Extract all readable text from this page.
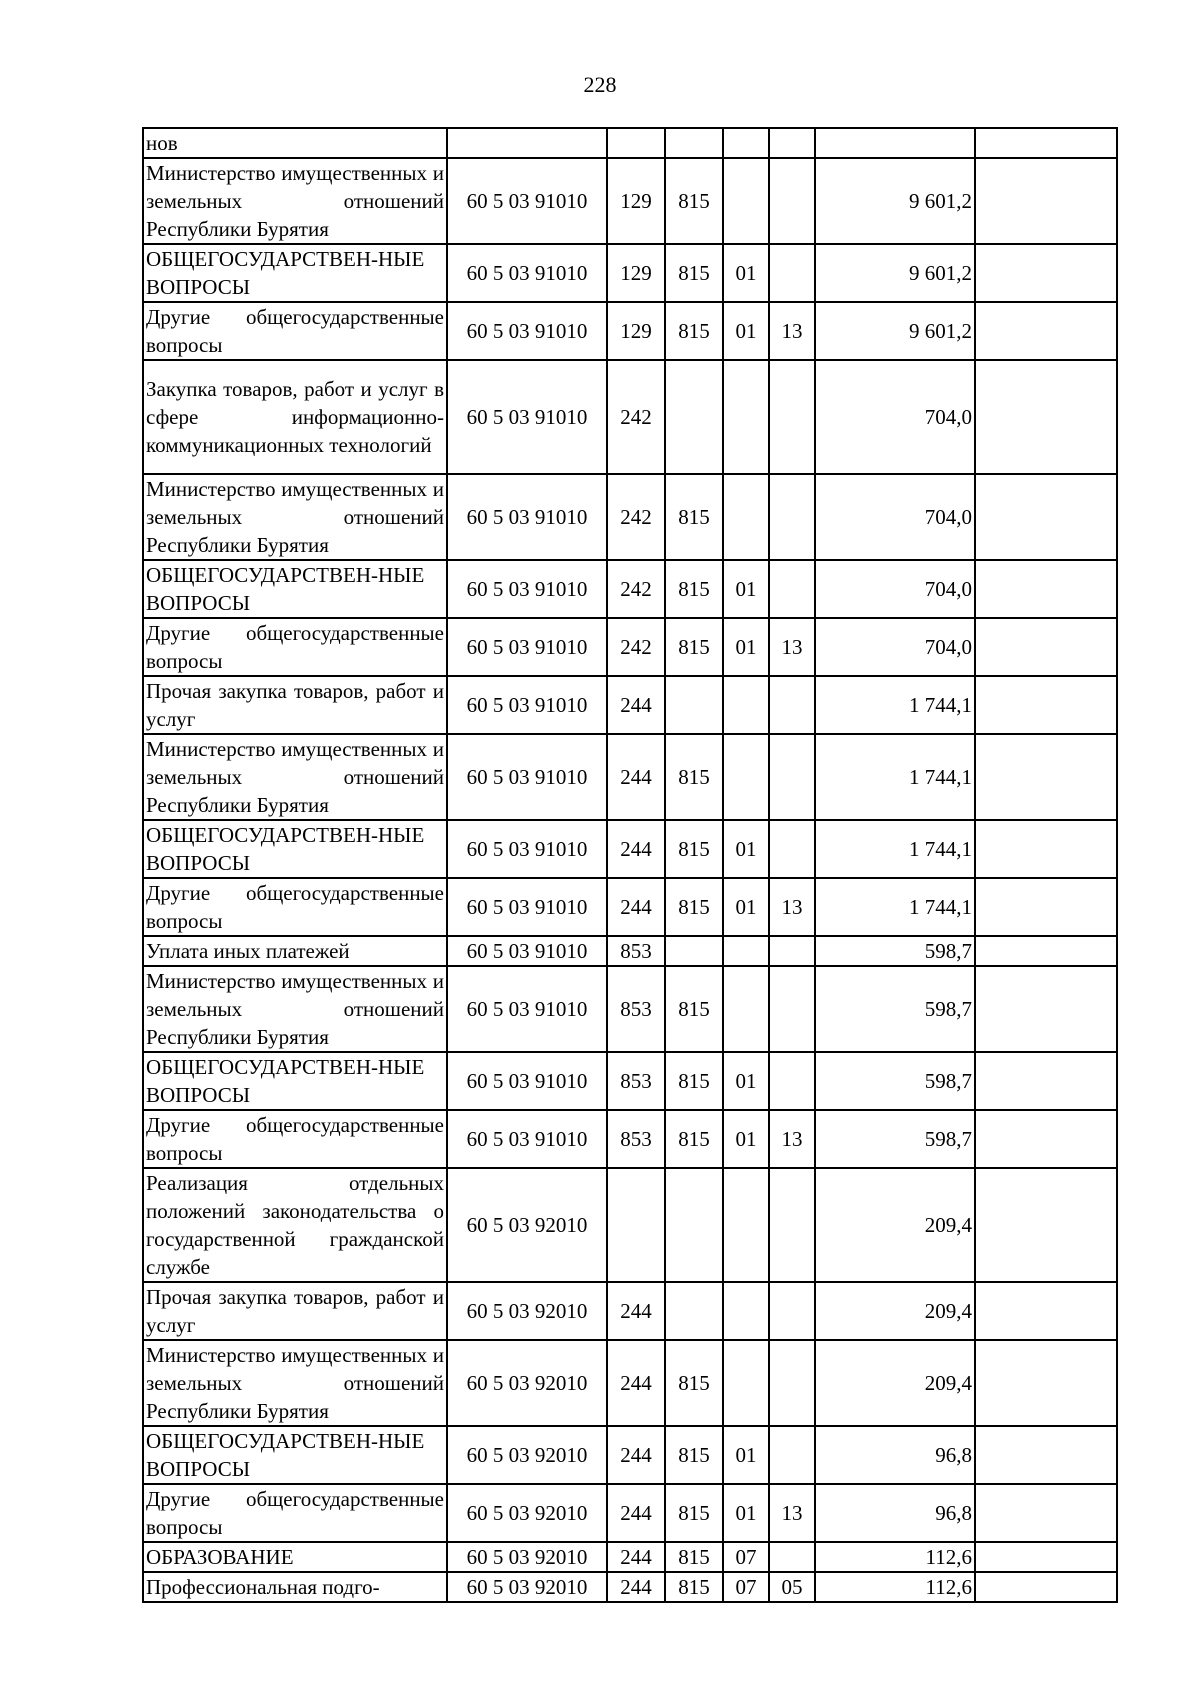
228
нов							
Министерство имущественных и земельных отношений Республики Бурятия	60 5 03 91010	129	815			9 601,2	
ОБЩЕГОСУДАРСТВЕН-НЫЕ ВОПРОСЫ	60 5 03 91010	129	815	01		9 601,2	
Другие общегосударственные вопросы	60 5 03 91010	129	815	01	13	9 601,2	
Закупка товаров, работ и услуг в сфере информационно-коммуникационных технологий	60 5 03 91010	242				704,0	
Министерство имущественных и земельных отношений Республики Бурятия	60 5 03 91010	242	815			704,0	
ОБЩЕГОСУДАРСТВЕН-НЫЕ ВОПРОСЫ	60 5 03 91010	242	815	01		704,0	
Другие общегосударственные вопросы	60 5 03 91010	242	815	01	13	704,0	
Прочая закупка товаров, работ и услуг	60 5 03 91010	244				1 744,1	
Министерство имущественных и земельных отношений Республики Бурятия	60 5 03 91010	244	815			1 744,1	
ОБЩЕГОСУДАРСТВЕН-НЫЕ ВОПРОСЫ	60 5 03 91010	244	815	01		1 744,1	
Другие общегосударственные вопросы	60 5 03 91010	244	815	01	13	1 744,1	
Уплата иных платежей	60 5 03 91010	853				598,7	
Министерство имущественных и земельных отношений Республики Бурятия	60 5 03 91010	853	815			598,7	
ОБЩЕГОСУДАРСТВЕН-НЫЕ ВОПРОСЫ	60 5 03 91010	853	815	01		598,7	
Другие общегосударственные вопросы	60 5 03 91010	853	815	01	13	598,7	
Реализация отдельных положений законодательства о государственной гражданской службе	60 5 03 92010					209,4	
Прочая закупка товаров, работ и услуг	60 5 03 92010	244				209,4	
Министерство имущественных и земельных отношений Республики Бурятия	60 5 03 92010	244	815			209,4	
ОБЩЕГОСУДАРСТВЕН-НЫЕ ВОПРОСЫ	60 5 03 92010	244	815	01		96,8	
Другие общегосударственные вопросы	60 5 03 92010	244	815	01	13	96,8	
ОБРАЗОВАНИЕ	60 5 03 92010	244	815	07		112,6	
Профессиональная подго-	60 5 03 92010	244	815	07	05	112,6	
